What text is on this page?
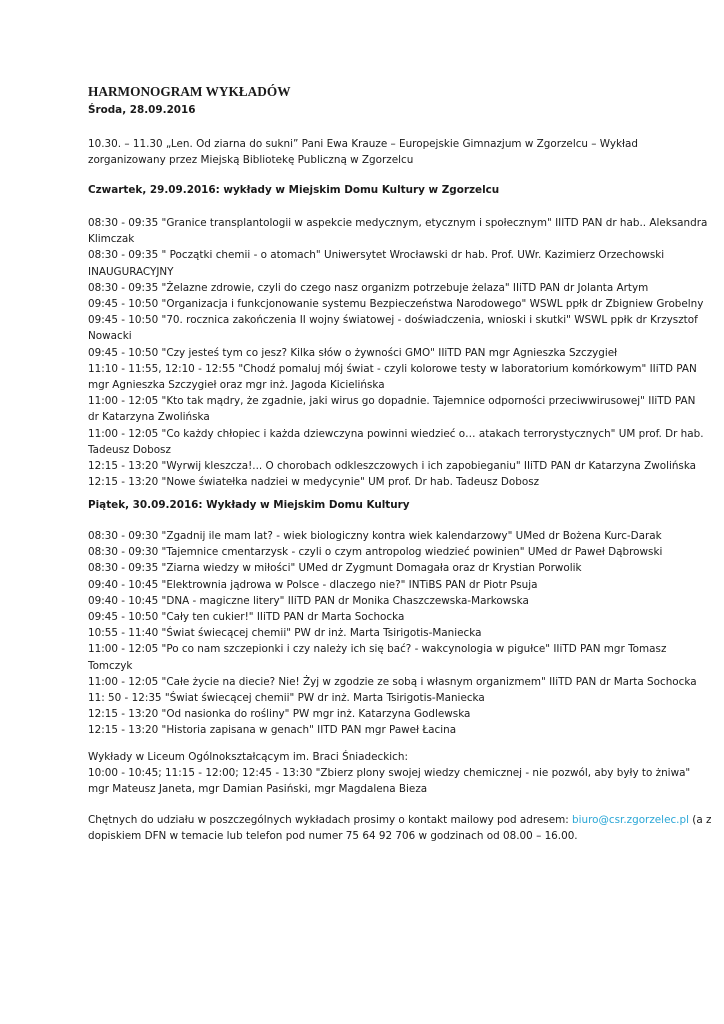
HARMONOGRAM WYKŁADÓW
Środa, 28.09.2016
10.30. – 11.30 „Len. Od ziarna do sukni” Pani Ewa Krauze – Europejskie Gimnazjum w Zgorzelcu – Wykład
zorganizowany przez Miejską Bibliotekę Publiczną w Zgorzelcu
Czwartek, 29.09.2016: wykłady w Miejskim Domu Kultury w Zgorzelcu
08:30 - 09:35 "Granice transplantologii w aspekcie medycznym, etycznym i społecznym" IIITD PAN dr hab.. Aleksandra
Klimczak
08:30 - 09:35 " Początki chemii - o atomach" Uniwersytet Wrocławski dr hab. Prof. UWr. Kazimierz Orzechowski
INAUGURACYJNY
08:30 - 09:35 "Żelazne zdrowie, czyli do czego nasz organizm potrzebuje żelaza" IIiTD PAN dr Jolanta Artym
09:45 - 10:50 "Organizacja i funkcjonowanie systemu Bezpieczeństwa Narodowego" WSWL ppłk dr Zbigniew Grobelny
09:45 - 10:50 "70. rocznica zakończenia II wojny światowej - doświadczenia, wnioski i skutki" WSWL ppłk dr Krzysztof
Nowacki
09:45 - 10:50 "Czy jesteś tym co jesz? Kilka słów o żywności GMO" IIiTD PAN mgr Agnieszka Szczygieł
11:10 - 11:55, 12:10 - 12:55 "Chodź pomaluj mój świat - czyli kolorowe testy w laboratorium komórkowym" IIiTD PAN
mgr Agnieszka Szczygieł oraz mgr inż. Jagoda Kicielińska
11:00 - 12:05 "Kto tak mądry, że zgadnie, jaki wirus go dopadnie. Tajemnice odporności przeciwwirusowej" IIiTD PAN
dr Katarzyna Zwolińska
11:00 - 12:05 "Co każdy chłopiec i każda dziewczyna powinni wiedzieć o… atakach terrorystycznych" UM prof. Dr hab.
Tadeusz Dobosz
12:15 - 13:20 "Wyrwij kleszcza!... O chorobach odkleszczowych i ich zapobieganiu" IIiTD PAN dr Katarzyna Zwolińska
12:15 - 13:20 "Nowe światełka nadziei w medycynie" UM prof. Dr hab. Tadeusz Dobosz
Piątek, 30.09.2016: Wykłady w Miejskim Domu Kultury
08:30 - 09:30 "Zgadnij ile mam lat? - wiek biologiczny kontra wiek kalendarzowy" UMed dr Bożena Kurc-Darak
08:30 - 09:30 "Tajemnice cmentarzysk - czyli o czym antropolog wiedzieć powinien" UMed dr Paweł Dąbrowski
08:30 - 09:35 "Ziarna wiedzy w miłości" UMed dr Zygmunt Domagała oraz dr Krystian Porwolik
09:40 - 10:45 "Elektrownia jądrowa w Polsce - dlaczego nie?" INTiBS PAN dr Piotr Psuja
09:40 - 10:45 "DNA - magiczne litery" IIiTD PAN dr Monika Chaszczewska-Markowska
09:45 - 10:50 "Cały ten cukier!" IIiTD PAN dr Marta Sochocka
10:55 - 11:40 "Świat świecącej chemii" PW dr inż. Marta Tsirigotis-Maniecka
11:00 - 12:05 "Po co nam szczepionki i czy należy ich się bać? - wakcynologia w pigułce" IIiTD PAN mgr Tomasz
Tomczyk
11:00 - 12:05 "Całe życie na diecie? Nie! Żyj w zgodzie ze sobą i własnym organizmem" IIiTD PAN dr Marta Sochocka
11: 50 - 12:35 "Świat świecącej chemii" PW dr inż. Marta Tsirigotis-Maniecka
12:15 - 13:20 "Od nasionka do rośliny" PW mgr inż. Katarzyna Godlewska
12:15 - 13:20 "Historia zapisana w genach" IITD PAN mgr Paweł Łacina
Wykłady w Liceum Ogólnokształcącym im. Braci Śniadeckich:
10:00 - 10:45; 11:15 - 12:00; 12:45 - 13:30 "Zbierz plony swojej wiedzy chemicznej - nie pozwól, aby były to żniwa"
mgr Mateusz Janeta, mgr Damian Pasiński, mgr Magdalena Bieza
Chętnych do udziału w poszczególnych wykładach prosimy o kontakt mailowy pod adresem: biuro@csr.zgorzelec.pl (a z
dopiskiem DFN w temacie lub telefon pod numer 75 64 92 706 w godzinach od 08.00 – 16.00.
